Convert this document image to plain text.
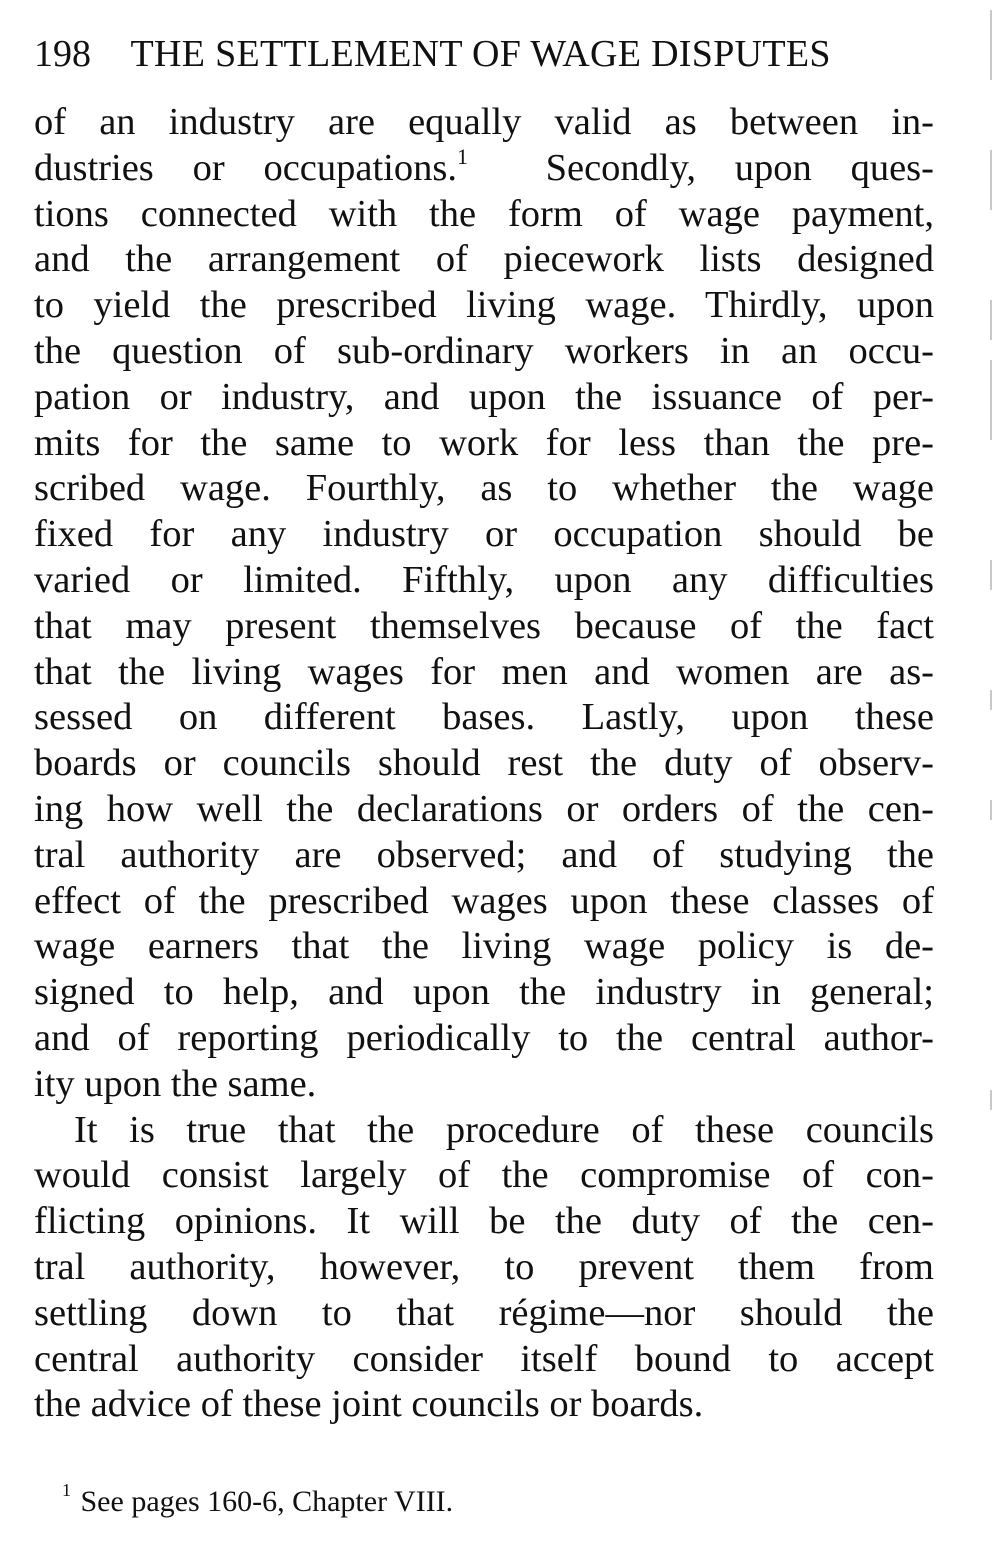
198 THE SETTLEMENT OF WAGE DISPUTES
of an industry are equally valid as between in-
dustries or occupations.$^1$  Secondly, upon ques-
tions connected with the form of wage payment,
and the arrangement of piecework lists designed
to yield the prescribed living wage. Thirdly, upon
the question of sub-ordinary workers in an occu-
pation or industry, and upon the issuance of per-
mits for the same to work for less than the pre-
scribed wage. Fourthly, as to whether the wage
fixed for any industry or occupation should be
varied or limited. Fifthly, upon any difficulties
that may present themselves because of the fact
that the living wages for men and women are as-
sessed on different bases. Lastly, upon these
boards or councils should rest the duty of observ-
ing how well the declarations or orders of the cen-
tral authority are observed; and of studying the
effect of the prescribed wages upon these classes of
wage earners that the living wage policy is de-
signed to help, and upon the industry in general;
and of reporting periodically to the central author-
ity upon the same.
It is true that the procedure of these councils
would consist largely of the compromise of con-
flicting opinions. It will be the duty of the cen-
tral authority, however, to prevent them from
settling down to that régime—nor should the
central authority consider itself bound to accept
the advice of these joint councils or boards.
$^1$ See pages 160-6, Chapter VIII.
